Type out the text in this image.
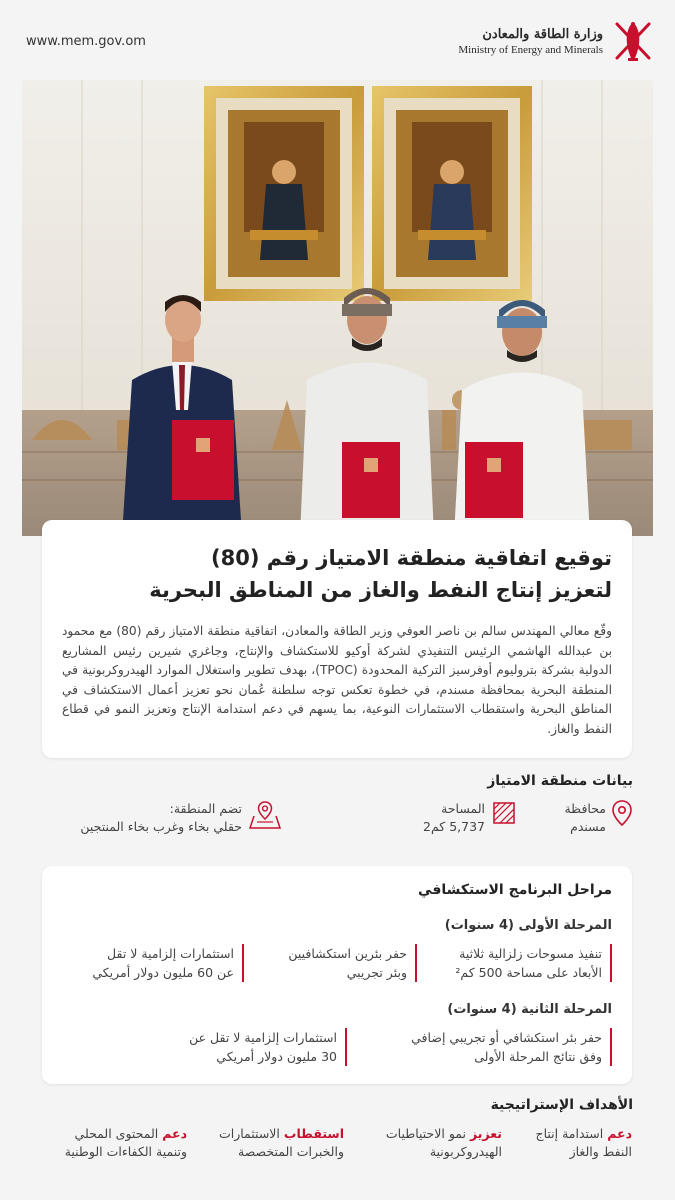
www.mem.gov.om	وزارة الطاقة والمعادن
Ministry of Energy and Minerals
توقيع اتفاقية منطقة الامتياز رقم (80)
لتعزيز إنتاج النفط والغاز من المناطق البحرية
وقّع معالي المهندس سالم بن ناصر العوفي وزير الطاقة والمعادن، اتفاقية منطقة الامتياز رقم (80) مع محمود بن عبدالله الهاشمي الرئيس التنفيذي لشركة أوكيو للاستكشاف والإنتاج، وجاغري شيرين رئيس المشاريع الدولية بشركة بتروليوم أوفرسيز التركية المحدودة (TPOC)، بهدف تطوير واستغلال الموارد الهيدروكربونية في المنطقة البحرية بمحافظة مسندم، في خطوة تعكس توجه سلطنة عُمان نحو تعزيز أعمال الاستكشاف في المناطق البحرية واستقطاب الاستثمارات النوعية، بما يسهم في دعم استدامة الإنتاج وتعزيز النمو في قطاع النفط والغاز.
بيانات منطقة الامتياز
محافظة
مسندم
المساحة
5,737 كم2
تضم المنطقة:
حقلي بخاء وغرب بخاء المنتجين
مراحل البرنامج الاستكشافي
المرحلة الأولى (4 سنوات)
تنفيذ مسوحات زلزالية ثلاثية
الأبعاد على مساحة 500 كم²
حفر بئرين استكشافيين
وبئر تجريبي
استثمارات إلزامية لا تقل
عن 60 مليون دولار أمريكي
المرحلة الثانية (4 سنوات)
حفر بئر استكشافي أو تجريبي إضافي
وفق نتائج المرحلة الأولى
استثمارات إلزامية لا تقل عن
30 مليون دولار أمريكي
الأهداف الإستراتيجية
دعم استدامة إنتاج
النفط والغاز
تعزيز نمو الاحتياطيات
الهيدروكربونية
استقطاب الاستثمارات
والخبرات المتخصصة
دعم المحتوى المحلي
وتنمية الكفاءات الوطنية
